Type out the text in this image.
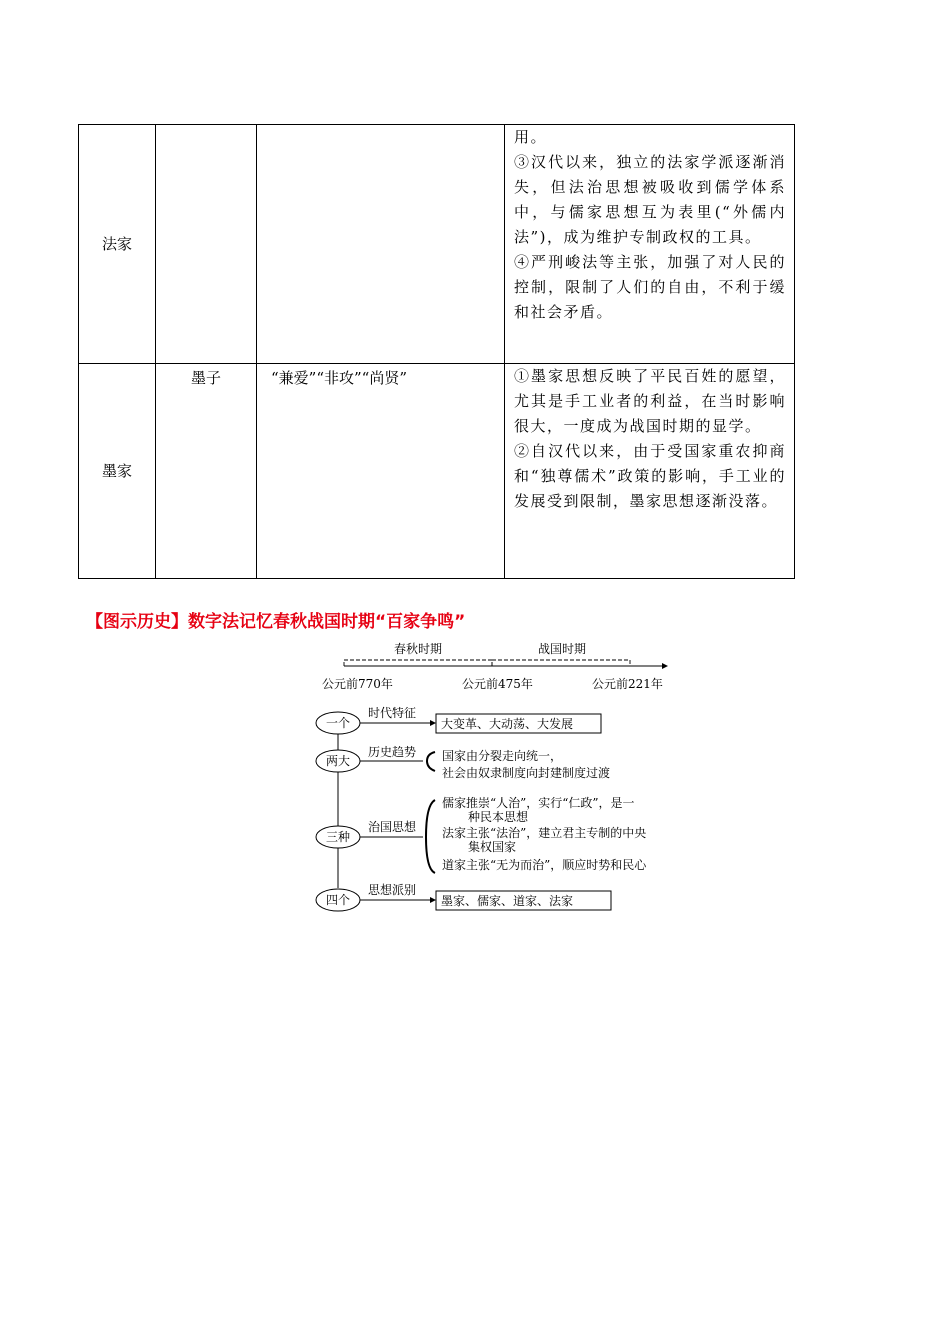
法家			用。

③汉代以来，独立的法家学派逐渐消失，但法治思想被吸收到儒学体系中，与儒家思想互为表里(“外儒内法”)，成为维护专制政权的工具。

④严刑峻法等主张，加强了对人民的控制，限制了人们的自由，不利于缓和社会矛盾。

墨家	墨子	“兼爱”“非攻”“尚贤”	①墨家思想反映了平民百姓的愿望，尤其是手工业者的利益，在当时影响很大，一度成为战国时期的显学。

②自汉代以来，由于受国家重农抑商和“独尊儒术”政策的影响，手工业的发展受到限制，墨家思想逐渐没落。

【图示历史】数字法记忆春秋战国时期“百家争鸣”
春秋时期	战国时期
公元前770年	公元前475年	公元前221年
一个
时代特征
大变革、大动荡、大发展
两大
历史趋势 国家由分裂走向统一，
社会由奴隶制度向封建制度过渡
三种
治国思想
儒家推崇“人治”，实行“仁政”，是一
种民本思想
法家主张“法治”，建立君主专制的中央
集权国家
道家主张“无为而治”，顺应时势和民心
四个
思想派别
墨家、儒家、道家、法家
